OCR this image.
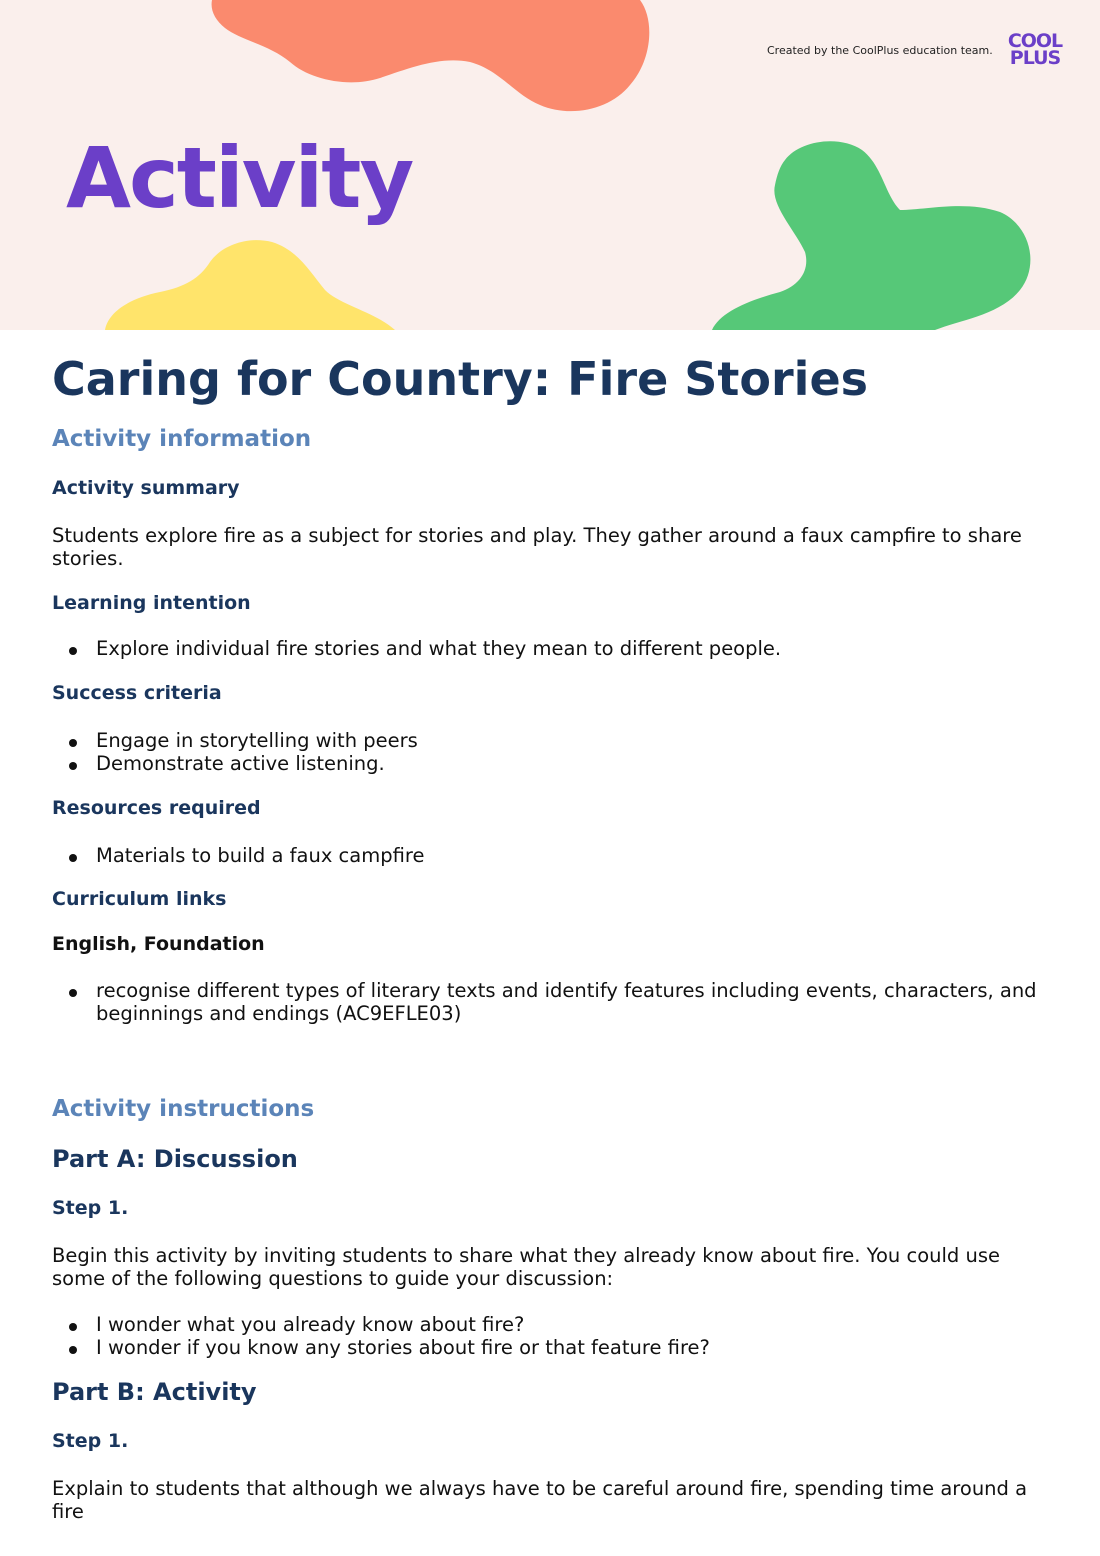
Created by the CoolPlus education team. COOL
PLUS
Activity
Caring for Country: Fire Stories
Activity information
Activity summary

Students explore fire as a subject for stories and play. They gather around a faux campfire to share stories.

Learning intention
Explore individual fire stories and what they mean to different people.
Success criteria
Engage in storytelling with peers
Demonstrate active listening.
Resources required
Materials to build a faux campfire
Curriculum links

English, Foundation

recognise different types of literary texts and identify features including events, characters, and beginnings and endings (AC9EFLE03)
Activity instructions
Part A: Discussion
Step 1.

Begin this activity by inviting students to share what they already know about fire. You could use some of the following questions to guide your discussion:

I wonder what you already know about fire?
I wonder if you know any stories about fire or that feature fire?
Part B: Activity
Step 1.

Explain to students that although we always have to be careful around fire, spending time around a fire
